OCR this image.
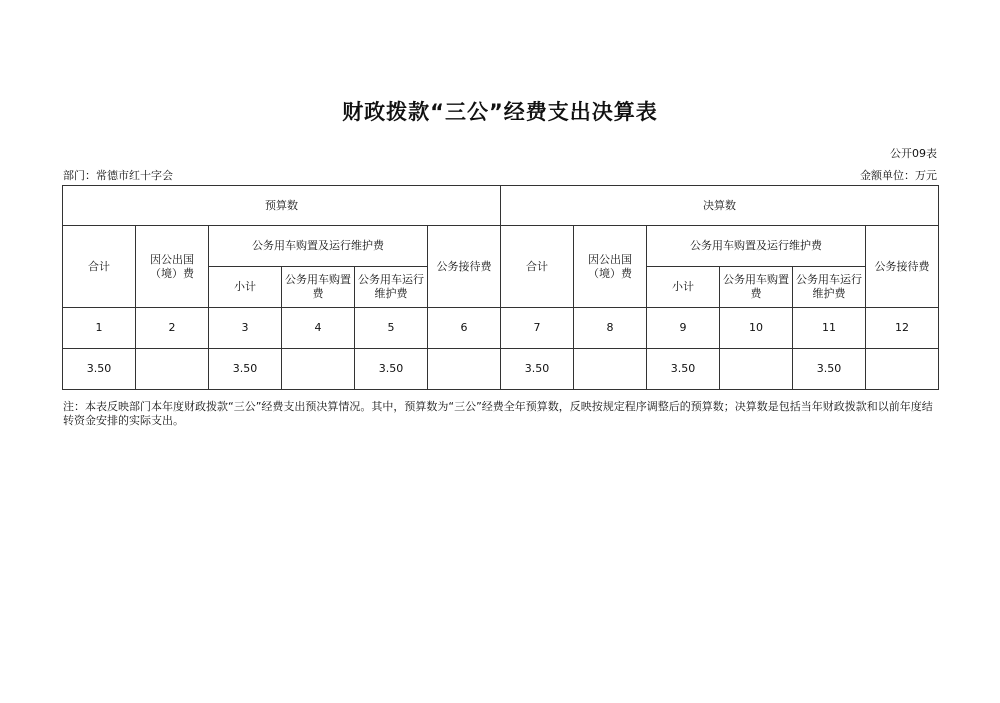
财政拨款“三公”经费支出决算表
公开09表
部门：常德市红十字会	金额单位：万元
预算数						决算数					
合计	因公出国（境）费	公务用车购置及运行维护费			公务接待费	合计	因公出国（境）费	公务用车购置及运行维护费			公务接待费
		小计	公务用车购置费	公务用车运行维护费				小计	公务用车购置费	公务用车运行维护费	
1	2	3	4	5	6	7	8	9	10	11	12
3.50		3.50		3.50		3.50		3.50		3.50	
注：本表反映部门本年度财政拨款“三公”经费支出预决算情况。其中，预算数为“三公”经费全年预算数，反映按规定程序调整后的预算数；决算数是包括当年财政拨款和以前年度结转资金安排的实际支出。
